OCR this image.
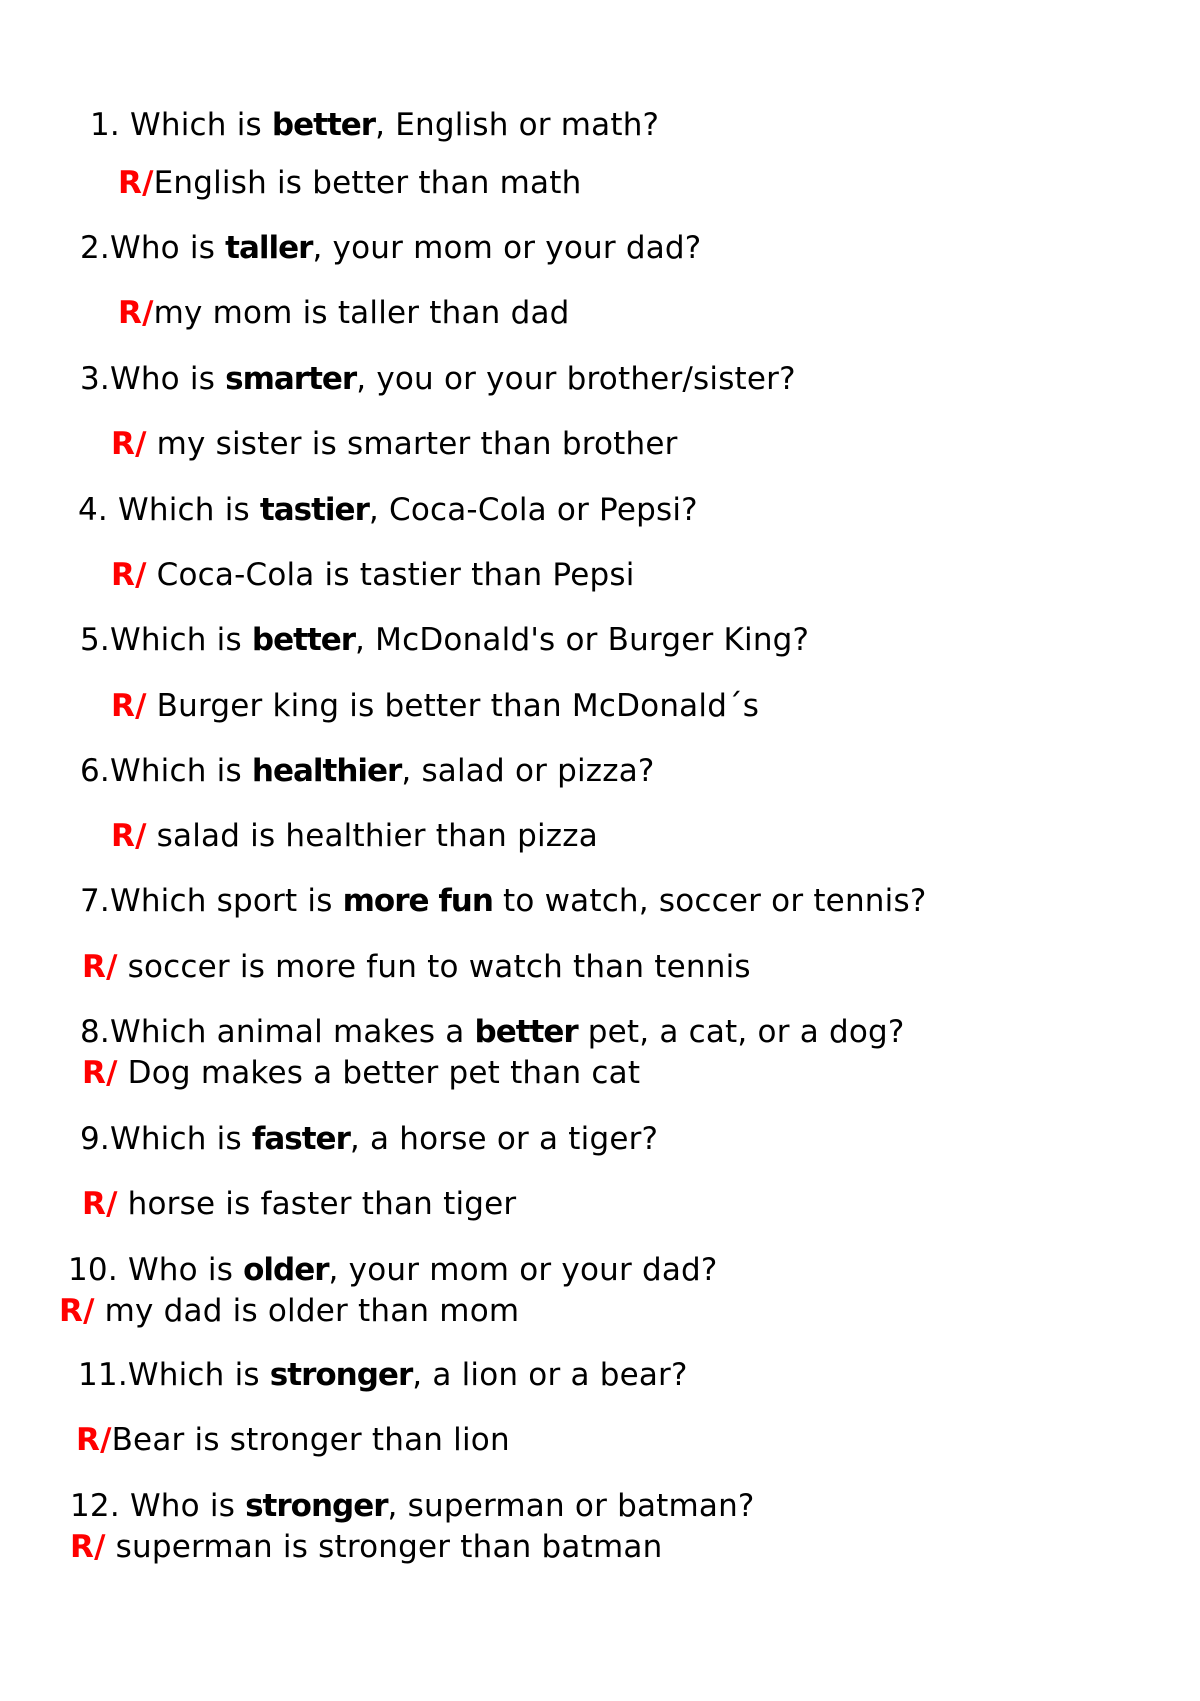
1. Which is better, English or math?
R/English is better than math
2.Who is taller, your mom or your dad?
R/my mom is taller than dad
3.Who is smarter, you or your brother/sister?
R/ my sister is smarter than brother
4. Which is tastier, Coca-Cola or Pepsi?
R/ Coca-Cola is tastier than Pepsi
5.Which is better, McDonald's or Burger King?
R/ Burger king is better than McDonald´s
6.Which is healthier, salad or pizza?
R/ salad is healthier than pizza
7.Which sport is more fun to watch, soccer or tennis?
R/ soccer is more fun to watch than tennis
8.Which animal makes a better pet, a cat, or a dog?
R/ Dog makes a better pet than cat
9.Which is faster, a horse or a tiger?
R/ horse is faster than tiger
10. Who is older, your mom or your dad?
R/ my dad is older than mom
11.Which is stronger, a lion or a bear?
R/Bear is stronger than lion
12. Who is stronger, superman or batman?
R/ superman is stronger than batman
